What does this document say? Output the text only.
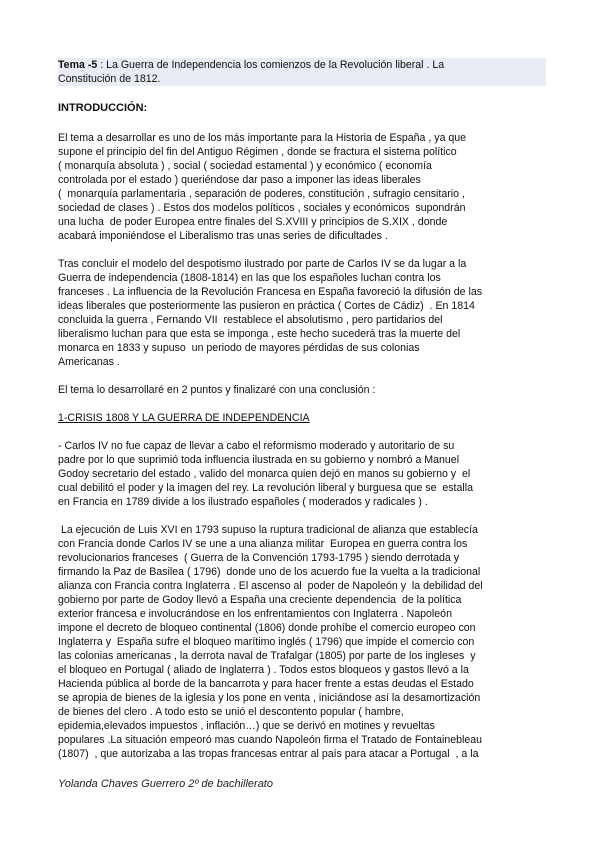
Tema -5 : La Guerra de Independencia los comienzos de la Revolución liberal . La
Constitución de 1812.
INTRODUCCIÓN:
El tema a desarrollar es uno de los más importante para la Historia de España , ya que
supone el principio del fin del Antiguo Régimen , donde se fractura el sistema político
( monarquía absoluta ) , social ( sociedad estamental ) y económico ( economía
controlada por el estado ) queriéndose dar paso a imponer las ideas liberales
(  monarquía parlamentaria , separación de poderes, constitución , sufragio censitario ,
sociedad de clases ) . Estos dos modelos políticos , sociales y económicos  supondrán
una lucha  de poder Europea entre finales del S.XVIII y principios de S.XIX , donde
acabará imponiéndose el Liberalismo tras unas series de dificultades .
Tras concluir el modelo del despotismo ilustrado por parte de Carlos IV se da lugar a la
Guerra de independencia (1808-1814) en las que los españoles luchan contra los
franceses . La influencia de la Revolución Francesa en España favoreció la difusión de las
ideas liberales que posteriormente las pusieron en práctica ( Cortes de Cádiz)  . En 1814
concluida la guerra , Fernando VII  restablece el absolutismo , pero partidarios del
liberalismo luchan para que esta se imponga , este hecho sucederá tras la muerte del
monarca en 1833 y supuso  un periodo de mayores pérdidas de sus colonias
Americanas .
El tema lo desarrollaré en 2 puntos y finalizaré con una conclusión :
1-CRISIS 1808 Y LA GUERRA DE INDEPENDENCIA
- Carlos IV no fue capaz de llevar a cabo el reformismo moderado y autoritario de su
padre por lo que suprimió toda influencia ilustrada en su gobierno y nombró a Manuel
Godoy secretario del estado , valido del monarca quien dejó en manos su gobierno y  el
cual debilitó el poder y la imagen del rey. La revolución liberal y burguesa que se  estalla
en Francia en 1789 divide a los ilustrado españoles ( moderados y radicales ) .
La ejecución de Luis XVI en 1793 supuso la ruptura tradicional de alianza que establecía
con Francia donde Carlos IV se une a una alianza militar  Europea en guerra contra los
revolucionarios franceses  ( Guerra de la Convención 1793-1795 ) siendo derrotada y
firmando la Paz de Basilea ( 1796)  donde uno de los acuerdo fue la vuelta a la tradicional
alianza con Francia contra Inglaterra . El ascenso al  poder de Napoleón y  la debilidad del
gobierno por parte de Godoy llevó a España una creciente dependencia  de la política
exterior francesa e involucrándose en los enfrentamientos con Inglaterra . Napoleón
impone el decreto de bloqueo continental (1806) donde prohíbe el comercio europeo con
Inglaterra y  España sufre el bloqueo marítimo inglés ( 1796) que impide el comercio con
las colonias americanas , la derrota naval de Trafalgar (1805) por parte de los ingleses  y
el bloqueo en Portugal ( aliado de Inglaterra ) . Todos estos bloqueos y gastos llevó a la
Hacienda pública al borde de la bancarrota y para hacer frente a estas deudas el Estado
se apropia de bienes de la iglesia y los pone en venta , iniciándose así la desamortización
de bienes del clero . A todo esto se unió el descontento popular ( hambre,
epidemia,elevados impuestos , inflación…) que se derivó en motines y revueltas
populares .La situación empeoró mas cuando Napoleón firma el Tratado de Fontainebleau
(1807)  , que autorizaba a las tropas francesas entrar al país para atacar a Portugal  , a la
Yolanda Chaves Guerrero 2º de bachillerato
